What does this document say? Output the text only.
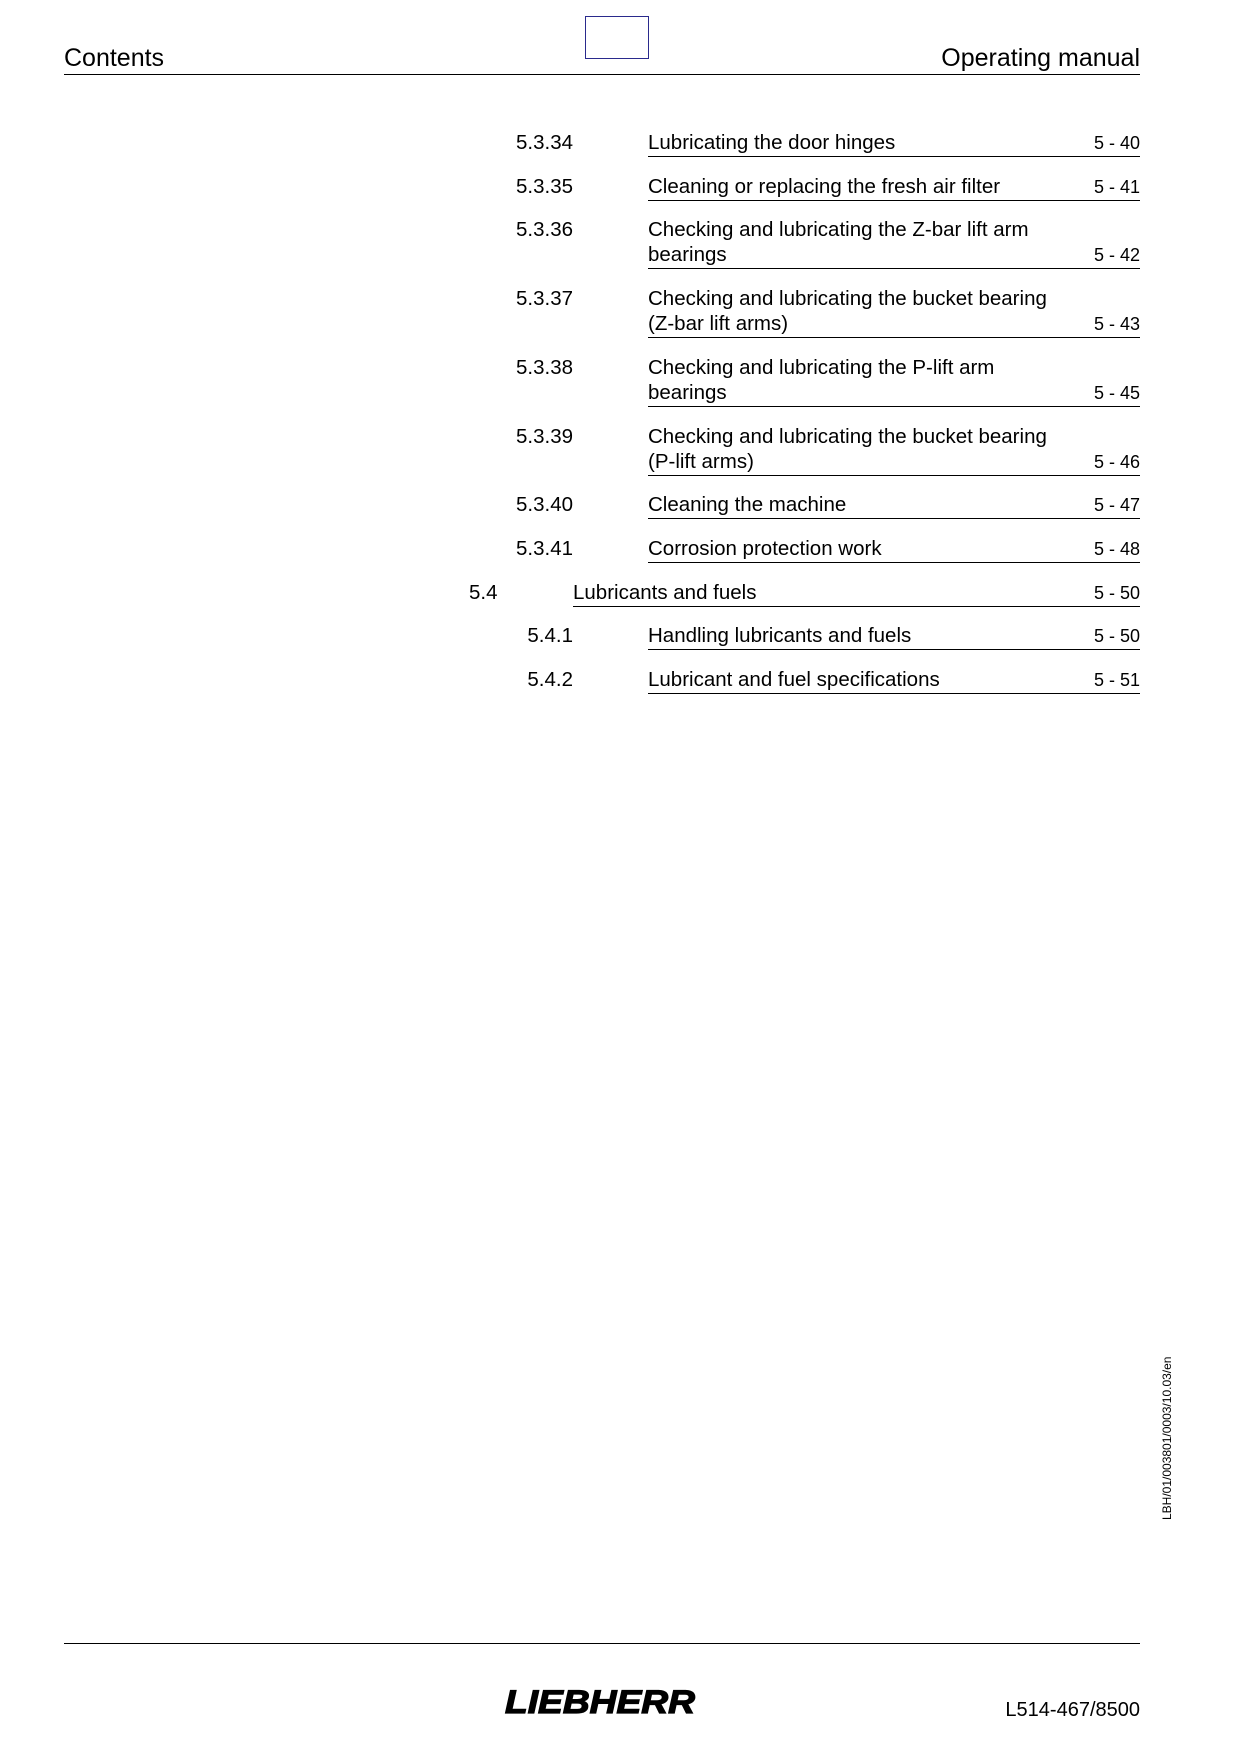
Contents	Operating manual
5.3.34	Lubricating the door hinges	5 - 40
5.3.35	Cleaning or replacing the fresh air filter	5 - 41
5.3.36	Checking and lubricating the Z-bar lift arm
bearings	5 - 42
5.3.37	Checking and lubricating the bucket bearing
(Z-bar lift arms)	5 - 43
5.3.38	Checking and lubricating the P-lift arm
bearings	5 - 45
5.3.39	Checking and lubricating the bucket bearing
(P-lift arms)	5 - 46
5.3.40	Cleaning the machine	5 - 47
5.3.41	Corrosion protection work	5 - 48
5.4	Lubricants and fuels	5 - 50
5.4.1	Handling lubricants and fuels	5 - 50
5.4.2	Lubricant and fuel specifications	5 - 51
LBH/01/003801/0003/10.03/en
LIEBHERR	L514-467/8500
